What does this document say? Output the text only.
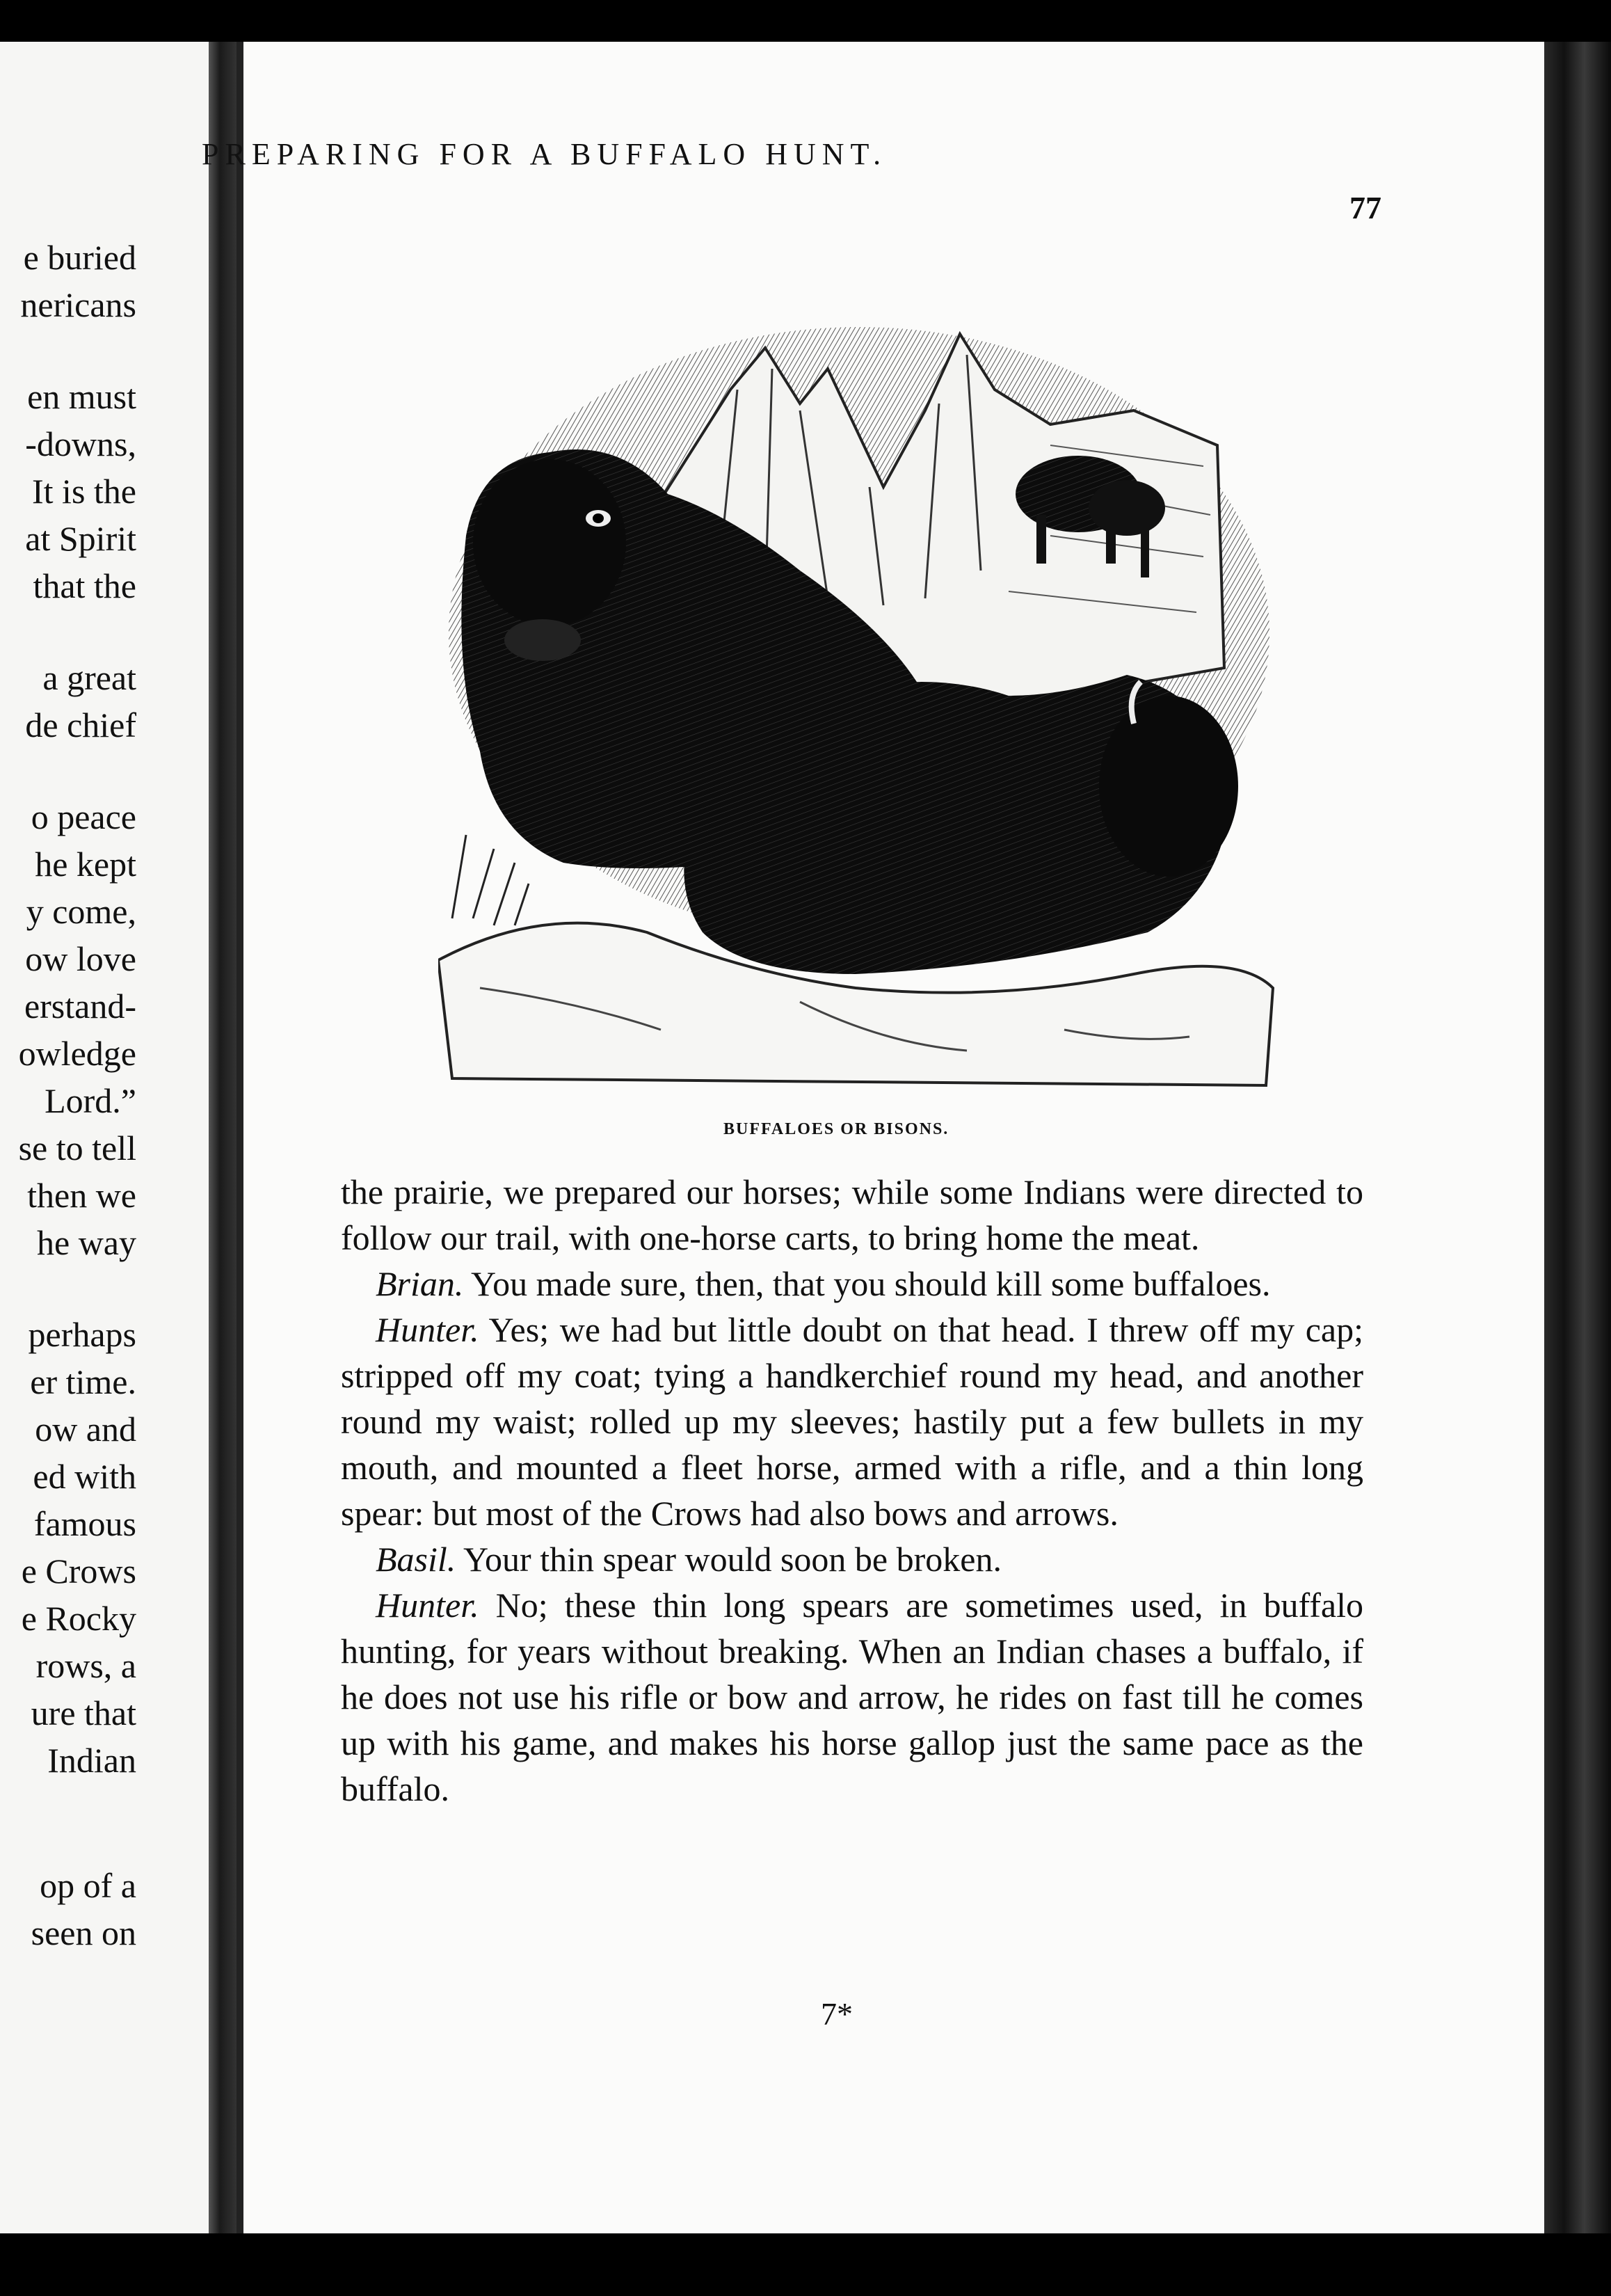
e buried
nericans
en must
-downs,
It is the
at Spirit
that the
a great
de chief
o peace
he kept
y come,
ow love
erstand-
owledge
Lord.”
se to tell
then we
he way
perhaps
er time.
ow and
ed with
famous
e Crows
e Rocky
rows, a
ure that
Indian
op of a
seen on
PREPARING FOR A BUFFALO HUNT.
77
BUFFALOES OR BISONS.

the prairie, we prepared our horses; while some Indians were directed to follow our trail, with one-horse carts, to bring home the meat.

Brian. You made sure, then, that you should kill some buffaloes.

Hunter. Yes; we had but little doubt on that head. I threw off my cap; stripped off my coat; tying a handkerchief round my head, and another round my waist; rolled up my sleeves; hastily put a few bullets in my mouth, and mounted a fleet horse, armed with a rifle, and a thin long spear: but most of the Crows had also bows and arrows.

Basil. Your thin spear would soon be broken.

Hunter. No; these thin long spears are sometimes used, in buffalo hunting, for years without breaking. When an Indian chases a buffalo, if he does not use his rifle or bow and arrow, he rides on fast till he comes up with his game, and makes his horse gallop just the same pace as the buffalo.

7*
